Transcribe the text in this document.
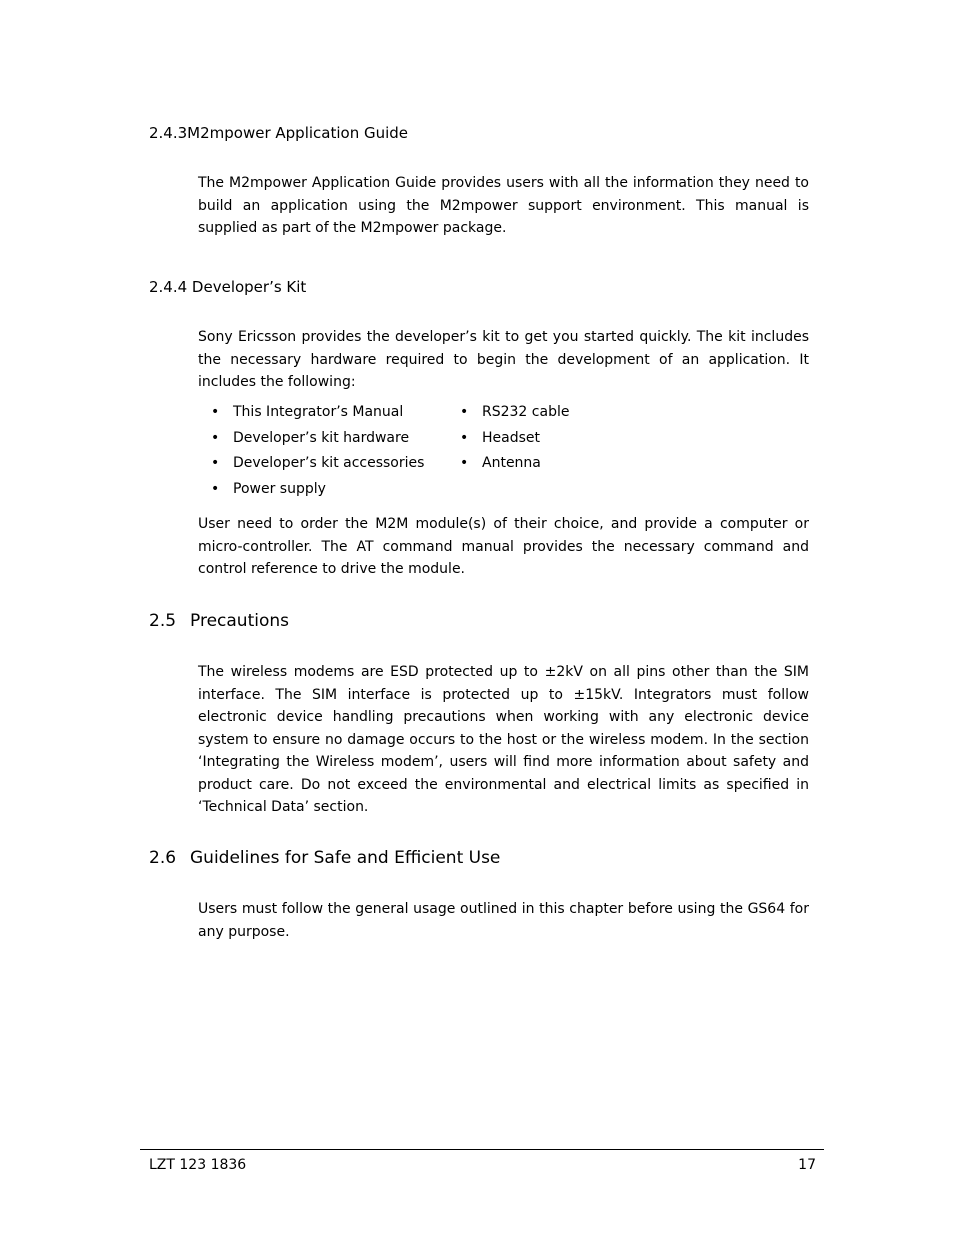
2.4.3M2mpower Application Guide
The M2mpower Application Guide provides users with all the information they need to build an application using the M2mpower support environment. This manual is supplied as part of the M2mpower package.
2.4.4 Developer’s Kit
Sony Ericsson provides the developer’s kit to get you started quickly. The kit includes the necessary hardware required to begin the development of an application. It includes the following:
• This Integrator’s Manual
• Developer’s kit hardware
• Developer’s kit accessories
• Power supply
• RS232 cable
• Headset
• Antenna
User need to order the M2M module(s) of their choice, and provide a computer or micro-controller. The AT command manual provides the necessary command and control reference to drive the module.
2.5 Precautions
The wireless modems are ESD protected up to ±2kV on all pins other than the SIM interface. The SIM interface is protected up to ±15kV. Integrators must follow electronic device handling precautions when working with any electronic device system to ensure no damage occurs to the host or the wireless modem. In the section ‘Integrating the Wireless modem’, users will find more information about safety and product care. Do not exceed the environmental and electrical limits as specified in ‘Technical Data’ section.
2.6 Guidelines for Safe and Efficient Use
Users must follow the general usage outlined in this chapter before using the GS64 for any purpose.
LZT 123 1836	17
